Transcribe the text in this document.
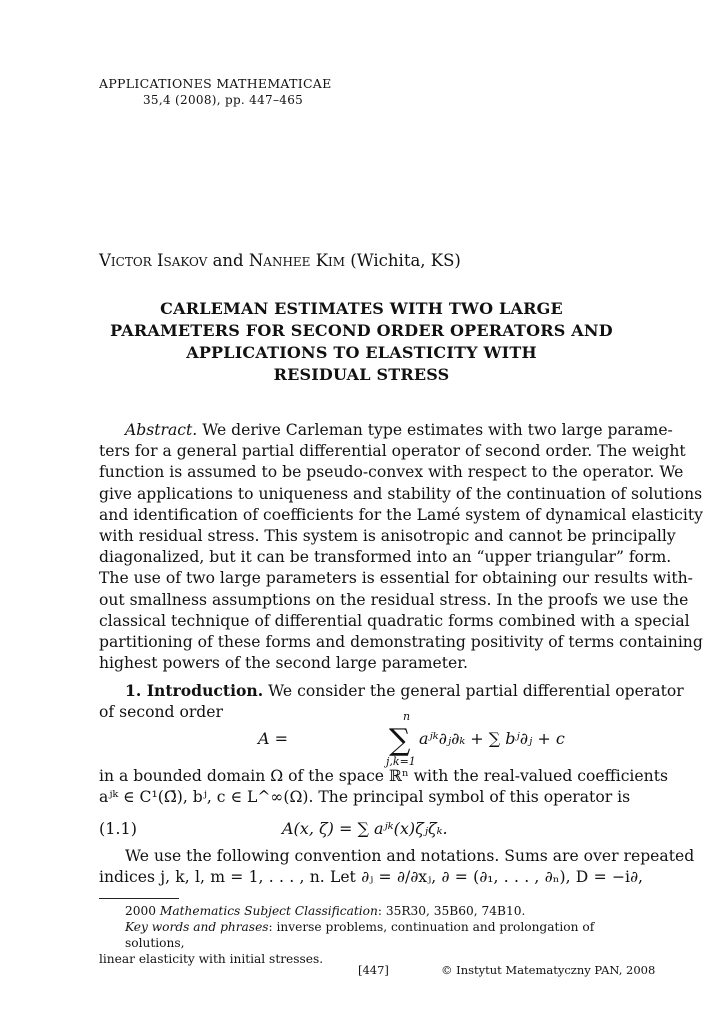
APPLICATIONES MATHEMATICAE
35,4 (2008), pp. 447–465
Victor Isakov and Nanhee Kim (Wichita, KS)
CARLEMAN ESTIMATES WITH TWO LARGE
PARAMETERS FOR SECOND ORDER OPERATORS AND
APPLICATIONS TO ELASTICITY WITH
RESIDUAL STRESS
Abstract. We derive Carleman type estimates with two large parame-
ters for a general partial differential operator of second order. The weight
function is assumed to be pseudo-convex with respect to the operator. We
give applications to uniqueness and stability of the continuation of solutions
and identification of coefficients for the Lamé system of dynamical elasticity
with residual stress. This system is anisotropic and cannot be principally
diagonalized, but it can be transformed into an “upper triangular” form.
The use of two large parameters is essential for obtaining our results with-
out smallness assumptions on the residual stress. In the proofs we use the
classical technique of differential quadratic forms combined with a special
partitioning of these forms and demonstrating positivity of terms containing
highest powers of the second large parameter.
1. Introduction. We consider the general partial differential operator
of second order
A =
n
∑
j,k=1
aʲᵏ∂ⱼ∂ₖ + ∑ bʲ∂ⱼ + c
in a bounded domain Ω of the space ℝⁿ with the real-valued coefficients
aʲᵏ ∈ C¹(Ω̄), bʲ, c ∈ L^∞(Ω). The principal symbol of this operator is
(1.1)	A(x, ζ) = ∑ aʲᵏ(x)ζⱼζₖ.
We use the following convention and notations. Sums are over repeated
indices j, k, l, m = 1, . . . , n. Let ∂ⱼ = ∂/∂xⱼ, ∂ = (∂₁, . . . , ∂ₙ), D = −i∂,
2000 Mathematics Subject Classification: 35R30, 35B60, 74B10.
Key words and phrases: inverse problems, continuation and prolongation of solutions,
linear elasticity with initial stresses.
[447]	© Instytut Matematyczny PAN, 2008
